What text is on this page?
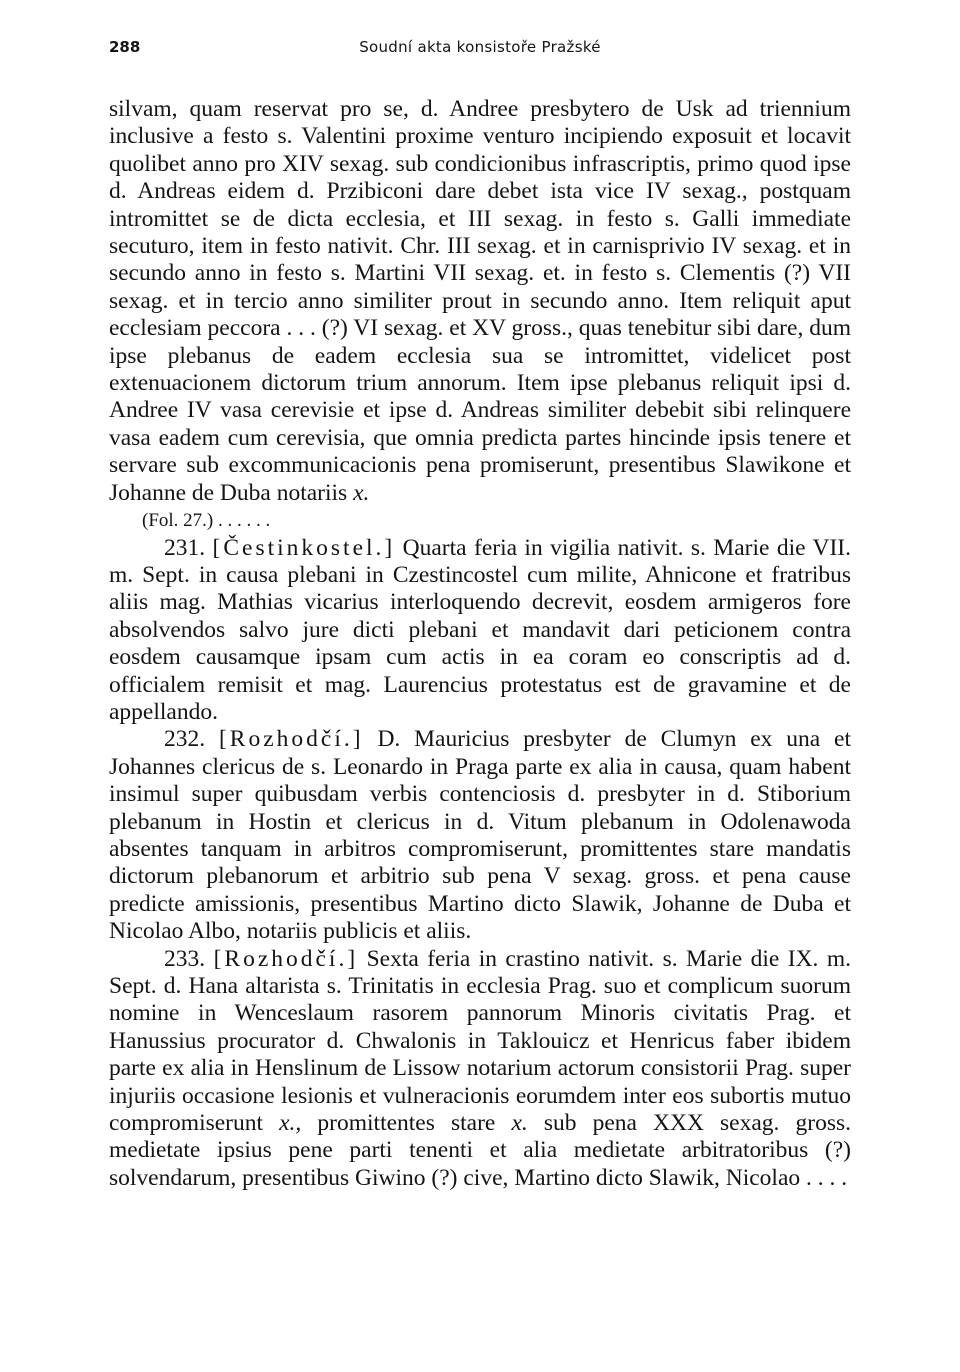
288	Soudní akta konsistoře Pražské

silvam, quam reservat pro se, d. Andree presbytero de Usk ad triennium inclusive a festo s. Valentini proxime venturo incipiendo exposuit et locavit quolibet anno pro XIV sexag. sub condicionibus infrascriptis, primo quod ipse d. Andreas eidem d. Przibiconi dare debet ista vice IV sexag., postquam intromittet se de dicta ecclesia, et III sexag. in festo s. Galli immediate secuturo, item in festo nativit. Chr. III sexag. et in carnisprivio IV sexag. et in secundo anno in festo s. Martini VII sexag. et. in festo s. Clementis (?) VII sexag. et in tercio anno similiter prout in secundo anno. Item reliquit aput ecclesiam peccora . . . (?) VI sexag. et XV gross., quas tenebitur sibi dare, dum ipse plebanus de eadem ecclesia sua se intromittet, videlicet post extenuacionem dictorum trium annorum. Item ipse plebanus reliquit ipsi d. Andree IV vasa cerevisie et ipse d. Andreas similiter debebit sibi relinquere vasa eadem cum cerevisia, que omnia predicta partes hincinde ipsis tenere et servare sub excommunicacionis pena promiserunt, presentibus Slawikone et Johanne de Duba notariis x.

(Fol. 27.) . . . . . .

231. [Čestinkostel.] Quarta feria in vigilia nativit. s. Marie die VII. m. Sept. in causa plebani in Czestincostel cum milite, Ahnicone et fratribus aliis mag. Mathias vicarius interloquendo decrevit, eosdem armigeros fore absolvendos salvo jure dicti plebani et mandavit dari peticionem contra eosdem causamque ipsam cum actis in ea coram eo conscriptis ad d. officialem remisit et mag. Laurencius protestatus est de gravamine et de appellando.

232. [Rozhodčí.] D. Mauricius presbyter de Clumyn ex una et Johannes clericus de s. Leonardo in Praga parte ex alia in causa, quam habent insimul super quibusdam verbis contenciosis d. presbyter in d. Stiborium plebanum in Hostin et clericus in d. Vitum plebanum in Odolenawoda absentes tanquam in arbitros compromiserunt, promittentes stare mandatis dictorum plebanorum et arbitrio sub pena V sexag. gross. et pena cause predicte amissionis, presentibus Martino dicto Slawik, Johanne de Duba et Nicolao Albo, notariis publicis et aliis.

233. [Rozhodčí.] Sexta feria in crastino nativit. s. Marie die IX. m. Sept. d. Hana altarista s. Trinitatis in ecclesia Prag. suo et complicum suorum nomine in Wenceslaum rasorem pannorum Minoris civitatis Prag. et Hanussius procurator d. Chwalonis in Taklouicz et Henricus faber ibidem parte ex alia in Henslinum de Lissow notarium actorum consistorii Prag. super injuriis occasione lesionis et vulneracionis eorumdem inter eos subortis mutuo compromiserunt x., promittentes stare x. sub pena XXX sexag. gross. medietate ipsius pene parti tenenti et alia medietate arbitratoribus (?) solvendarum, presentibus Giwino (?) cive, Martino dicto Slawik, Nicolao . . . .
